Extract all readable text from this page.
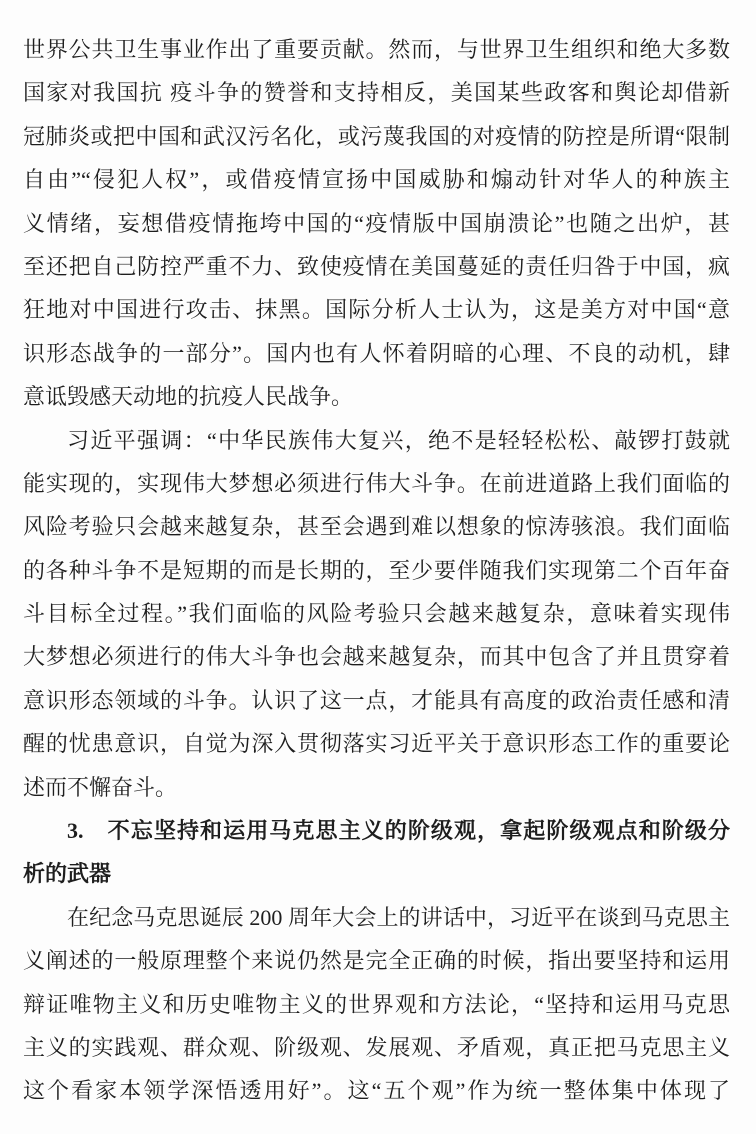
世界公共卫生事业作出了重要贡献。然而，与世界卫生组织和绝大多数
国家对我国抗 疫斗争的赞誉和支持相反，美国某些政客和舆论却借新
冠肺炎或把中国和武汉污名化，或污蔑我国的对疫情的防控是所谓“限制
自由”“侵犯人权”，或借疫情宣扬中国威胁和煽动针对华人的种族主
义情绪，妄想借疫情拖垮中国的“疫情版中国崩溃论”也随之出炉，甚
至还把自己防控严重不力、致使疫情在美国蔓延的责任归咎于中国，疯
狂地对中国进行攻击、抹黑。国际分析人士认为，这是美方对中国“意
识形态战争的一部分”。国内也有人怀着阴暗的心理、不良的动机，肆
意诋毁感天动地的抗疫人民战争。
习近平强调：“中华民族伟大复兴，绝不是轻轻松松、敲锣打鼓就
能实现的，实现伟大梦想必须进行伟大斗争。在前进道路上我们面临的
风险考验只会越来越复杂，甚至会遇到难以想象的惊涛骇浪。我们面临
的各种斗争不是短期的而是长期的，至少要伴随我们实现第二个百年奋
斗目标全过程。”我们面临的风险考验只会越来越复杂，意味着实现伟
大梦想必须进行的伟大斗争也会越来越复杂，而其中包含了并且贯穿着
意识形态领域的斗争。认识了这一点，才能具有高度的政治责任感和清
醒的忧患意识，自觉为深入贯彻落实习近平关于意识形态工作的重要论
述而不懈奋斗。
3.　不忘坚持和运用马克思主义的阶级观，拿起阶级观点和阶级分
析的武器
在纪念马克思诞辰 200 周年大会上的讲话中，习近平在谈到马克思主
义阐述的一般原理整个来说仍然是完全正确的时候，指出要坚持和运用
辩证唯物主义和历史唯物主义的世界观和方法论，“坚持和运用马克思
主义的实践观、群众观、阶级观、发展观、矛盾观，真正把马克思主义
这个看家本领学深悟透用好”。这“五个观”作为统一整体集中体现了
